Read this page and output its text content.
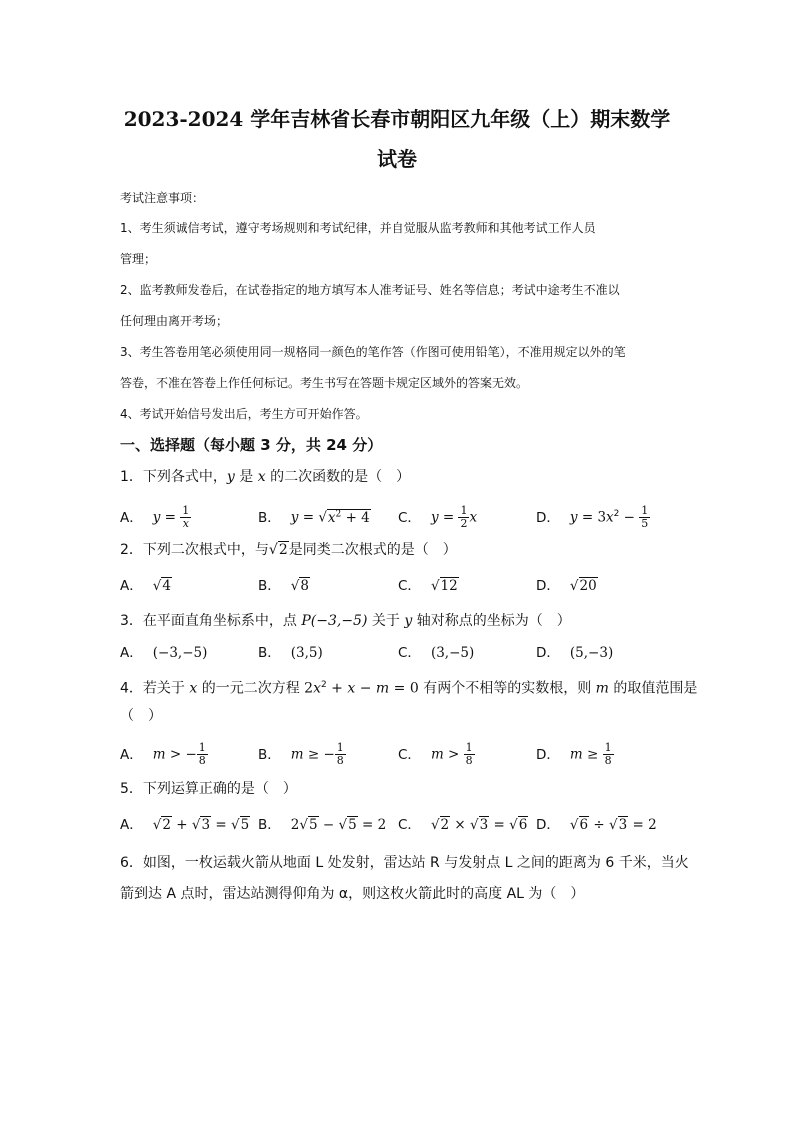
2023-2024 学年吉林省长春市朝阳区九年级（上）期末数学
试卷
考试注意事项：
1、考生须诚信考试，遵守考场规则和考试纪律，并自觉服从监考教师和其他考试工作人员
管理；
2、监考教师发卷后，在试卷指定的地方填写本人准考证号、姓名等信息；考试中途考生不准以
任何理由离开考场；
3、考生答卷用笔必须使用同一规格同一颜色的笔作答（作图可使用铅笔），不准用规定以外的笔
答卷，不准在答卷上作任何标记。考生书写在答题卡规定区域外的答案无效。
4、考试开始信号发出后，考生方可开始作答。
一、选择题（每小题 3 分，共 24 分）
1．下列各式中，y 是 x 的二次函数的是（　）
A． $y = \frac{1}{x}$	B． $y = √x^2 + 4$ C． $y = \frac{1}{2}$ x	D． $y = 3x^2 - \frac{1}{5}$
2．下列二次根式中，与√2是同类二次根式的是（　）
A． √4	B． √8	C． √12	D． √20
3．在平面直角坐标系中，点 P(−3,−5) 关于 y 轴对称点的坐标为（　）
A． (−3,−5)	B． (3,5)	C． (3,−5)	D． (5,−3)
4．若关于 x 的一元二次方程 $2x^2 + x - m = 0$ 有两个不相等的实数根，则 m 的取值范围是
（　）
A． m > − $\frac{1}{8}$	B． m ≥ − $\frac{1}{8}$	C． $m > \frac{1}{8}$	D． $m \ge \frac{1}{8}$
5．下列运算正确的是（　）
A． √2 + √3 = √5 B． 2√5 − √5 = 2 C． √2 × √3 = √6 D． √6 ÷ √3 = 2
6．如图，一枚运载火箭从地面 L 处发射，雷达站 R 与发射点 L 之间的距离为 6 千米，当火
箭到达 A 点时，雷达站测得仰角为 α，则这枚火箭此时的高度 AL 为（　）
